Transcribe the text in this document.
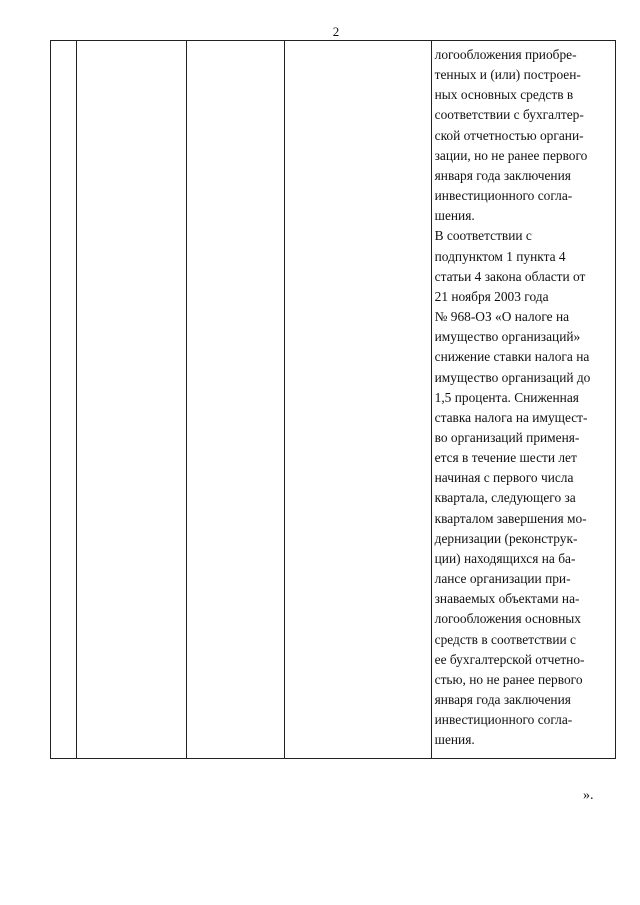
2

логообложения приобре-
тенных и (или) построен-
ных основных средств в
соответствии с бухгалтер-
ской отчетностью органи-
зации, но не ранее первого
января года заключения
инвестиционного согла-
шения.

В соответствии с
подпунктом 1 пункта 4
статьи 4 закона области от
21 ноября 2003 года
№ 968-ОЗ «О налоге на
имущество организаций»
снижение ставки налога на
имущество организаций до
1,5 процента. Сниженная
ставка налога на имущест-
во организаций применя-
ется в течение шести лет
начиная с первого числа
квартала, следующего за
кварталом завершения мо-
дернизации (реконструк-
ции) находящихся на ба-
лансе организации при-
знаваемых объектами на-
логообложения основных
средств в соответствии с
ее бухгалтерской отчетно-
стью, но не ранее первого
января года заключения
инвестиционного согла-
шения.

».
